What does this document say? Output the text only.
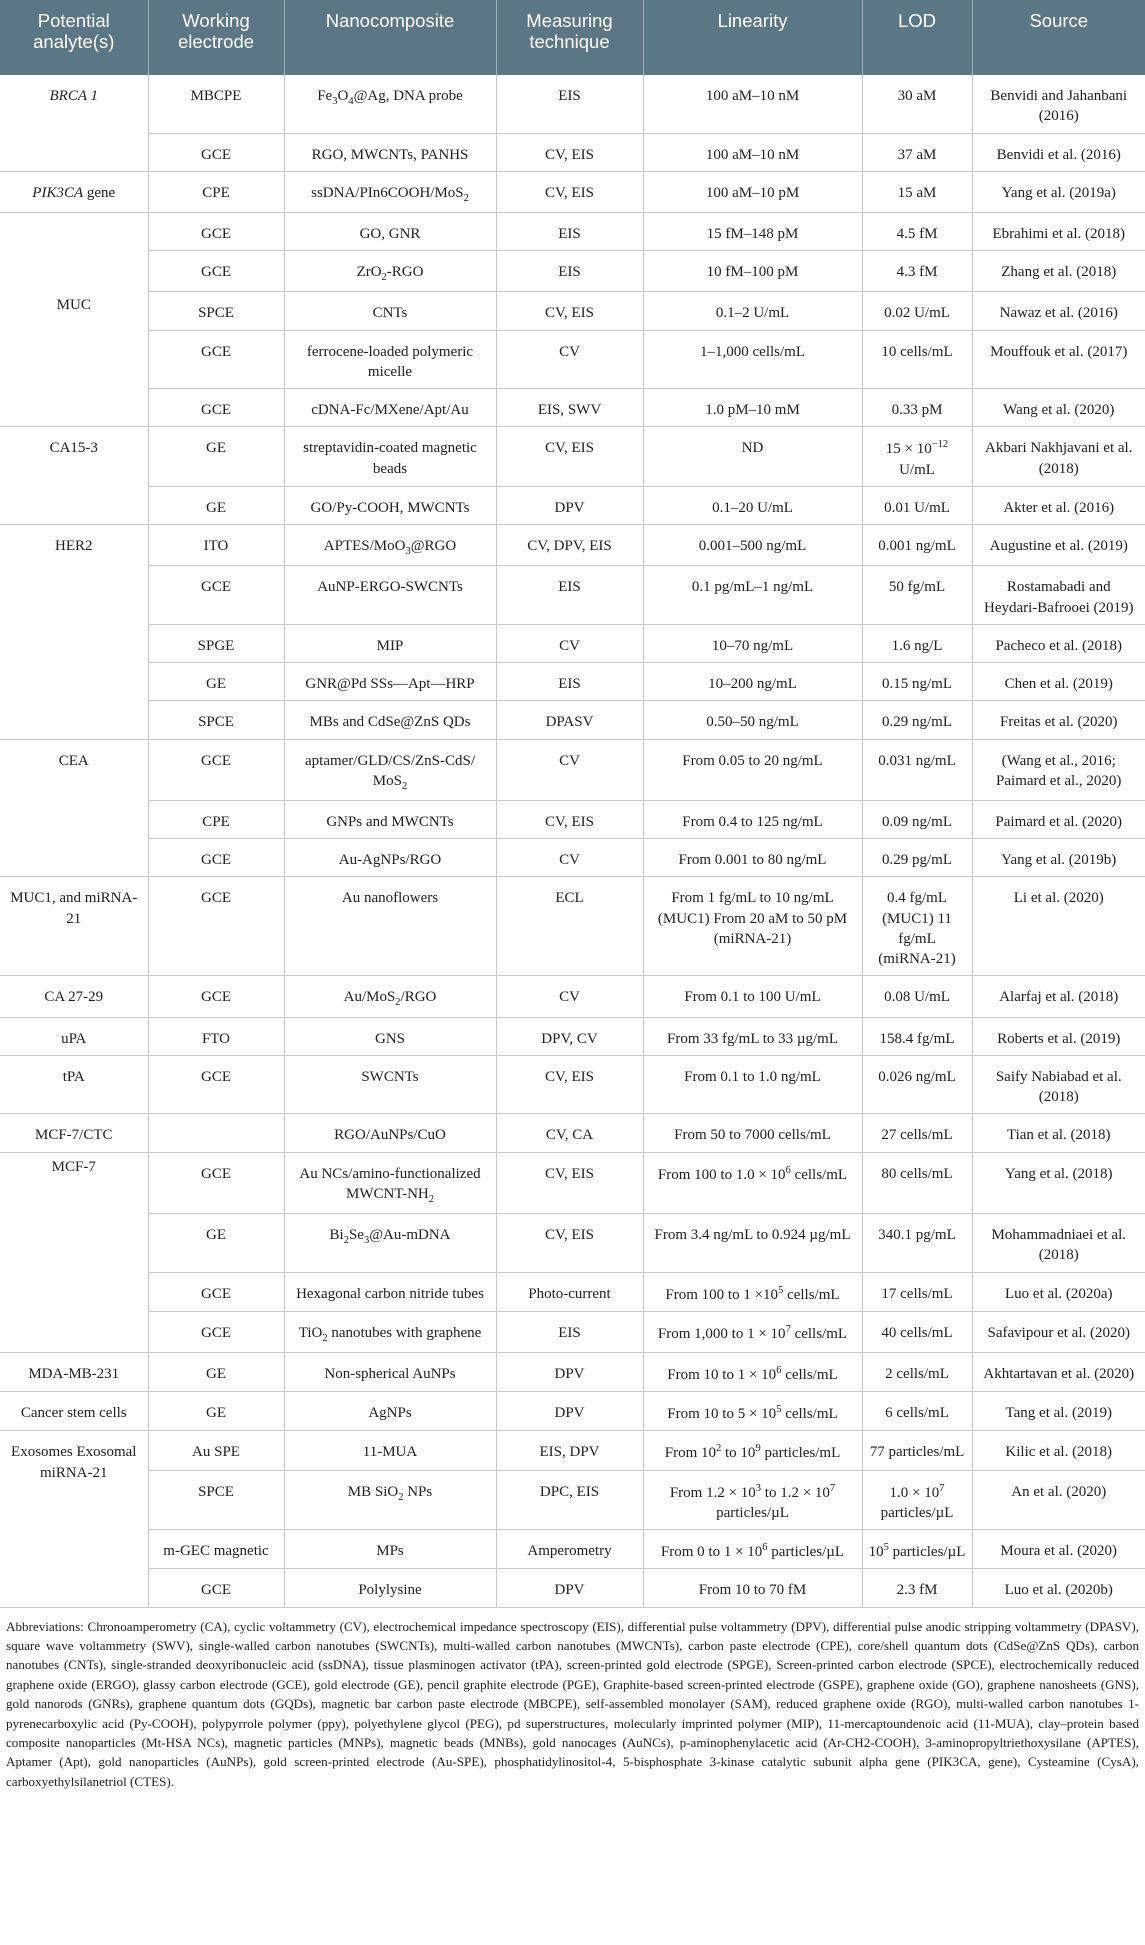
Potential analyte(s)	Working electrode	Nanocomposite	Measuring technique	Linearity	LOD	Source
BRCA 1	MBCPE	$Fe_3O_4@Ag$, DNA probe	EIS	100 aM–10 nM	30 aM	Benvidi and Jahanbani (2016)
	GCE	RGO, MWCNTs, PANHS	CV, EIS	100 aM–10 nM	37 aM	Benvidi et al. (2016)
PIK3CA gene	CPE	ssDNA/PIn6COOH/MoS$_2$	CV, EIS	100 aM–10 pM	15 aM	Yang et al. (2019a)
MUC	GCE	GO, GNR	EIS	15 fM–148 pM	4.5 fM	Ebrahimi et al. (2018)
	GCE	ZrO$_2$-RGO	EIS	10 fM–100 pM	4.3 fM	Zhang et al. (2018)
	SPCE	CNTs	CV, EIS	0.1–2 U/mL	0.02 U/mL	Nawaz et al. (2016)
	GCE	ferrocene-loaded polymeric micelle	CV	1–1,000 cells/mL	10 cells/mL	Mouffouk et al. (2017)
	GCE	cDNA-Fc/MXene/Apt/Au	EIS, SWV	1.0 pM–10 mM	0.33 pM	Wang et al. (2020)
CA15-3	GE	streptavidin-coated magnetic beads	CV, EIS	ND	$15 \times 10^{-12}$ U/mL	Akbari Nakhjavani et al. (2018)
	GE	GO/Py-COOH, MWCNTs	DPV	0.1–20 U/mL	0.01 U/mL	Akter et al. (2016)
HER2	ITO	APTES/MoO$_3$@RGO	CV, DPV, EIS	0.001–500 ng/mL	0.001 ng/mL	Augustine et al. (2019)
	GCE	AuNP-ERGO-SWCNTs	EIS	0.1 pg/mL–1 ng/mL	50 fg/mL	Rostamabadi and Heydari-Bafrooei (2019)
	SPGE	MIP	CV	10–70 ng/mL	1.6 ng/L	Pacheco et al. (2018)
	GE	GNR@Pd SSs—Apt—HRP	EIS	10–200 ng/mL	0.15 ng/mL	Chen et al. (2019)
	SPCE	MBs and CdSe@ZnS QDs	DPASV	0.50–50 ng/mL	0.29 ng/mL	Freitas et al. (2020)
CEA	GCE	aptamer/GLD/CS/ZnS-CdS/ MoS$_2$	CV	From 0.05 to 20 ng/mL	0.031 ng/mL	(Wang et al., 2016; Paimard et al., 2020)
	CPE	GNPs and MWCNTs	CV, EIS	From 0.4 to 125 ng/mL	0.09 ng/mL	Paimard et al. (2020)
	GCE	Au-AgNPs/RGO	CV	From 0.001 to 80 ng/mL	0.29 pg/mL	Yang et al. (2019b)
MUC1, and miRNA-21	GCE	Au nanoflowers	ECL	From 1 fg/mL to 10 ng/mL (MUC1) From 20 aM to 50 pM (miRNA-21)	0.4 fg/mL (MUC1) 11 fg/mL (miRNA-21)	Li et al. (2020)
CA 27-29	GCE	Au/MoS$_2$/RGO	CV	From 0.1 to 100 U/mL	0.08 U/mL	Alarfaj et al. (2018)
uPA	FTO	GNS	DPV, CV	From 33 fg/mL to 33 µg/mL	158.4 fg/mL	Roberts et al. (2019)
tPA	GCE	SWCNTs	CV, EIS	From 0.1 to 1.0 ng/mL	0.026 ng/mL	Saify Nabiabad et al. (2018)
MCF-7/CTC		RGO/AuNPs/CuO	CV, CA	From 50 to 7000 cells/mL	27 cells/mL	Tian et al. (2018)
MCF-7	GCE	Au NCs/amino-functionalized MWCNT-$NH_2$	CV, EIS	From 100 to $1.0 \times 10^6$ cells/mL	80 cells/mL	Yang et al. (2018)
	GE	$Bi_2Se_3@Au$-mDNA	CV, EIS	From 3.4 ng/mL to 0.924 µg/mL	340.1 pg/mL	Mohammadniaei et al. (2018)
	GCE	Hexagonal carbon nitride tubes	Photo-current	From 100 to $1 \times 10^5$ cells/mL	17 cells/mL	Luo et al. (2020a)
	GCE	TiO$_2$ nanotubes with graphene	EIS	From 1,000 to $1 \times 10^7$ cells/mL	40 cells/mL	Safavipour et al. (2020)
MDA-MB-231	GE	Non-spherical AuNPs	DPV	From 10 to $1 \times 10^6$ cells/mL	2 cells/mL	Akhtartavan et al. (2020)
Cancer stem cells	GE	AgNPs	DPV	From 10 to $5 \times 10^5$ cells/mL	6 cells/mL	Tang et al. (2019)
Exosomes Exosomal miRNA-21	Au SPE	11-MUA	EIS, DPV	From $10^2$ to $10^9$ particles/mL	77 particles/mL	Kilic et al. (2018)
	SPCE	MB SiO$_2$ NPs	DPC, EIS	From $1.2 \times 10^3$ to $1.2 \times 10^7$ particles/µL	$1.0 \times 10^7$ particles/µL	An et al. (2020)
	m-GEC magnetic	MPs	Amperometry	From 0 to $1 \times 10^6$ particles/µL	$10^5$ particles/µL	Moura et al. (2020)
	GCE	Polylysine	DPV	From 10 to 70 fM	2.3 fM	Luo et al. (2020b)
Abbreviations: Chronoamperometry (CA), cyclic voltammetry (CV), electrochemical impedance spectroscopy (EIS), differential pulse voltammetry (DPV), differential pulse anodic stripping voltammetry (DPASV), square wave voltammetry (SWV), single-walled carbon nanotubes (SWCNTs), multi-walled carbon nanotubes (MWCNTs), carbon paste electrode (CPE), core/shell quantum dots (CdSe@ZnS QDs), carbon nanotubes (CNTs), single-stranded deoxyribonucleic acid (ssDNA), tissue plasminogen activator (tPA), screen-printed gold electrode (SPGE), Screen-printed carbon electrode (SPCE), electrochemically reduced graphene oxide (ERGO), glassy carbon electrode (GCE), gold electrode (GE), pencil graphite electrode (PGE), Graphite-based screen-printed electrode (GSPE), graphene oxide (GO), graphene nanosheets (GNS), gold nanorods (GNRs), graphene quantum dots (GQDs), magnetic bar carbon paste electrode (MBCPE), self-assembled monolayer (SAM), reduced graphene oxide (RGO), multi-walled carbon nanotubes 1-pyrenecarboxylic acid (Py-COOH), polypyrrole polymer (ppy), polyethylene glycol (PEG), pd superstructures, molecularly imprinted polymer (MIP), 11-mercaptoundenoic acid (11-MUA), clay–protein based composite nanoparticles (Mt-HSA NCs), magnetic particles (MNPs), magnetic beads (MNBs), gold nanocages (AuNCs), p-aminophenylacetic acid (Ar-CH2-COOH), 3-aminopropyltriethoxysilane (APTES), Aptamer (Apt), gold nanoparticles (AuNPs), gold screen-printed electrode (Au-SPE), phosphatidylinositol-4, 5-bisphosphate 3-kinase catalytic subunit alpha gene (PIK3CA, gene), Cysteamine (CysA), carboxyethylsilanetriol (CTES).
